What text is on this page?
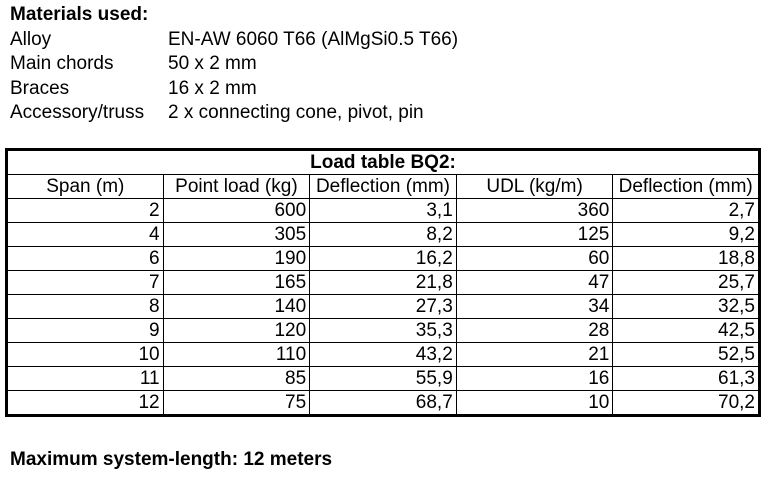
Materials used:
Alloy	EN-AW 6060 T66 (AlMgSi0.5 T66)
Main chords	50 x 2 mm
Braces	16 x 2 mm
Accessory/truss	2 x connecting cone, pivot, pin
Load table BQ2:				
Span (m)	Point load (kg)	Deflection (mm)	UDL (kg/m)	Deflection (mm)
2	600	3,1	360	2,7
4	305	8,2	125	9,2
6	190	16,2	60	18,8
7	165	21,8	47	25,7
8	140	27,3	34	32,5
9	120	35,3	28	42,5
10	110	43,2	21	52,5
11	85	55,9	16	61,3
12	75	68,7	10	70,2
Maximum system-length: 12 meters
